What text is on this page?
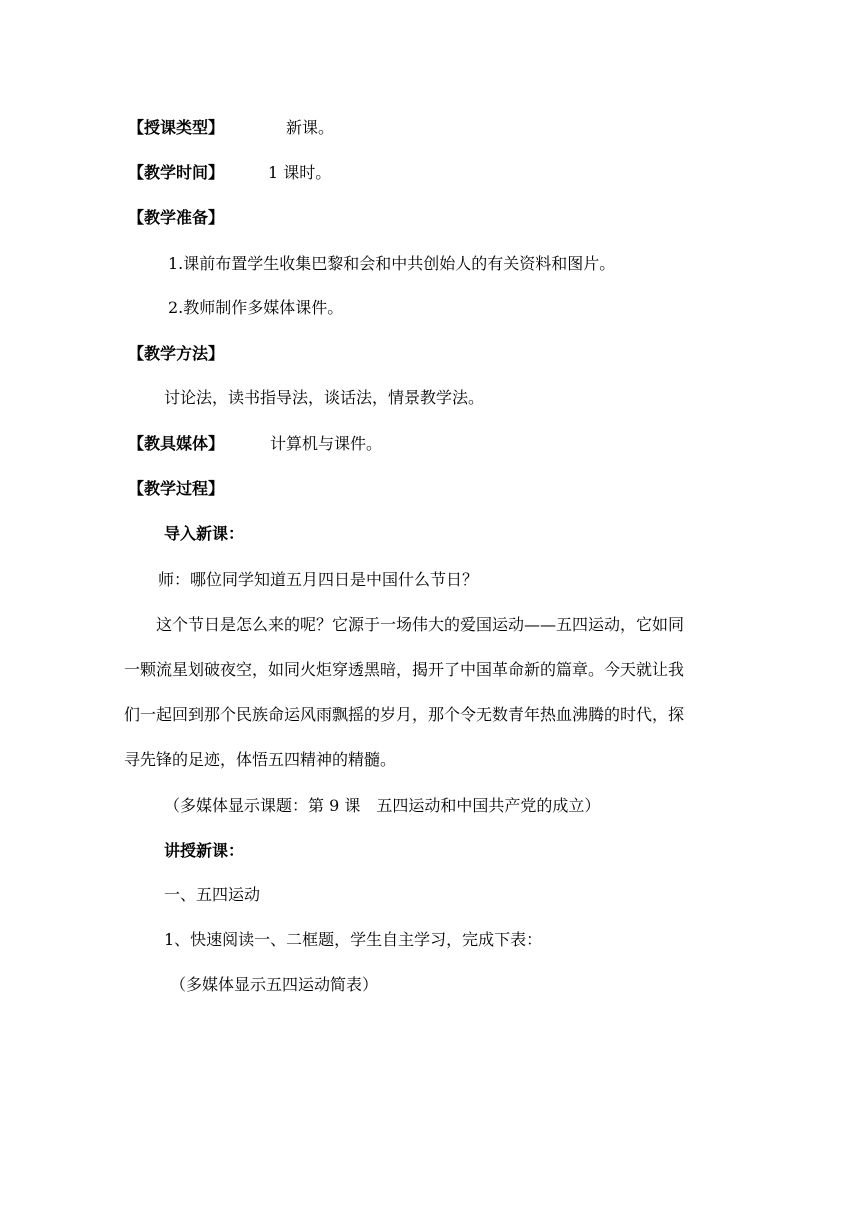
【授课类型】	新课。
【教学时间】	1 课时。
【教学准备】
1.课前布置学生收集巴黎和会和中共创始人的有关资料和图片。
2.教师制作多媒体课件。
【教学方法】
讨论法，读书指导法，谈话法，情景教学法。
【教具媒体】	计算机与课件。
【教学过程】
导入新课：
师：哪位同学知道五月四日是中国什么节日？
这个节日是怎么来的呢？它源于一场伟大的爱国运动——五四运动，它如同
一颗流星划破夜空，如同火炬穿透黑暗，揭开了中国革命新的篇章。今天就让我
们一起回到那个民族命运风雨飘摇的岁月，那个令无数青年热血沸腾的时代，探
寻先锋的足迹，体悟五四精神的精髓。
（多媒体显示课题：第 9 课　五四运动和中国共产党的成立）
讲授新课：
一、五四运动
1、快速阅读一、二框题，学生自主学习，完成下表：
（多媒体显示五四运动简表）
